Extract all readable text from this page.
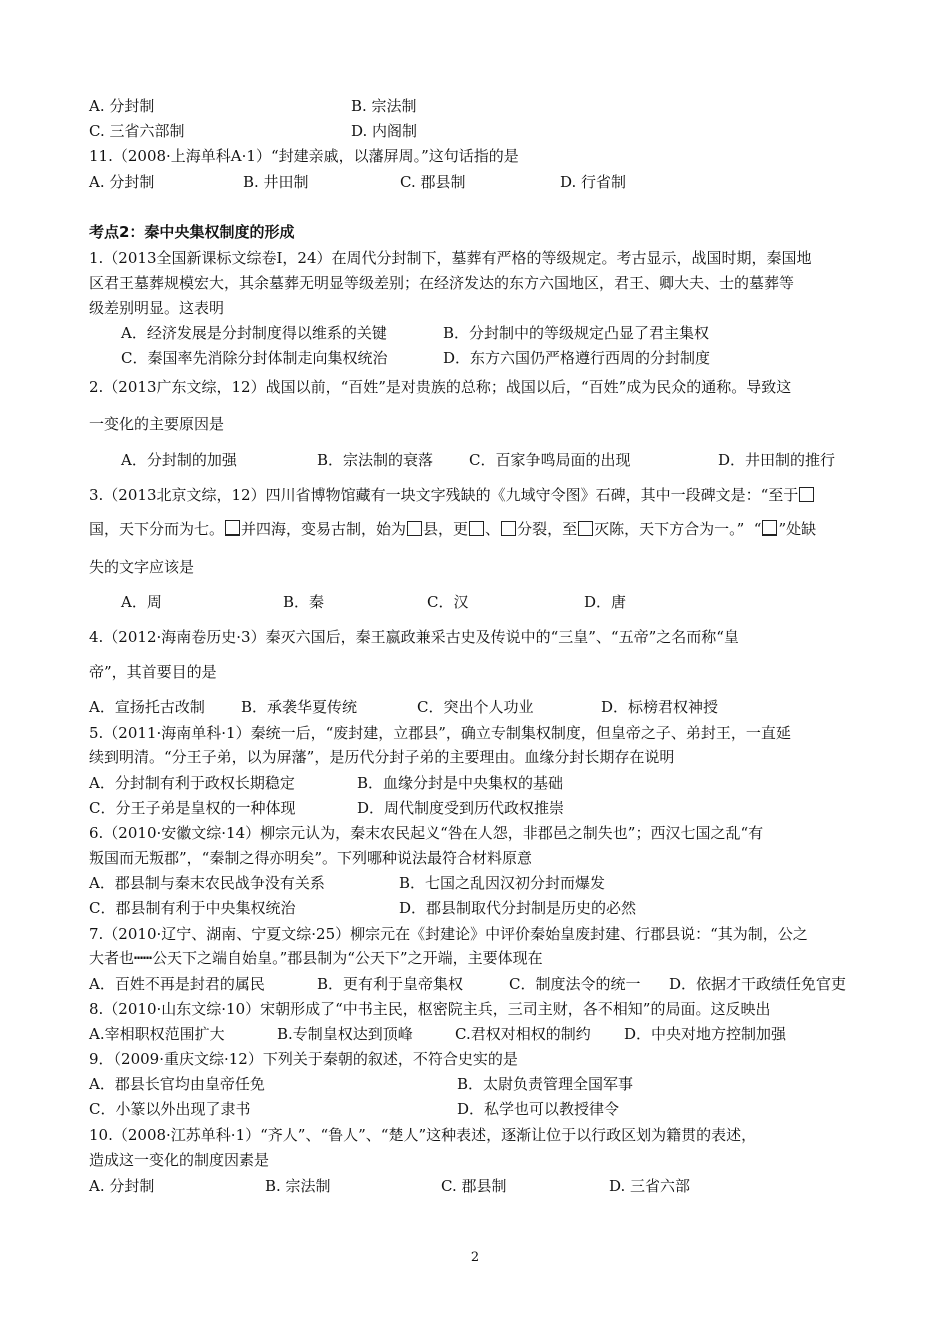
A. 分封制	B. 宗法制
C. 三省六部制	D. 内阁制
11.（2008·上海单科A·1）“封建亲戚，以藩屏周。”这句话指的是
A. 分封制	B. 井田制	C. 郡县制	D. 行省制
考点2：秦中央集权制度的形成
1.（2013全国新课标文综卷Ⅰ，24）在周代分封制下，墓葬有严格的等级规定。考古显示，战国时期，秦国地
区君王墓葬规模宏大，其余墓葬无明显等级差别；在经济发达的东方六国地区，君王、卿大夫、士的墓葬等
级差别明显。这表明
A．经济发展是分封制度得以维系的关键	B．分封制中的等级规定凸显了君主集权
C．秦国率先消除分封体制走向集权统治	D．东方六国仍严格遵行西周的分封制度
2.（2013广东文综，12）战国以前，“百姓”是对贵族的总称；战国以后，“百姓”成为民众的通称。导致这
一变化的主要原因是
A．分封制的加强	B．宗法制的衰落 C．百家争鸣局面的出现	D．井田制的推行
3.（2013北京文综，12）四川省博物馆藏有一块文字残缺的《九域守令图》石碑，其中一段碑文是：“至于
国，天下分而为七。 并四海，变易古制，始为 县，更 、 分裂，至 灭陈，天下方合为一。”  “ ”处缺
失的文字应该是
A．周	B．秦	C．汉	D．唐
4.（2012·海南卷历史·3）秦灭六国后，秦王嬴政兼采古史及传说中的“三皇”、“五帝”之名而称“皇
帝”，其首要目的是
A．宣扬托古改制 B．承袭华夏传统	C．突出个人功业	D．标榜君权神授
5.（2011·海南单科·1）秦统一后，“废封建，立郡县”，确立专制集权制度，但皇帝之子、弟封王，一直延
续到明清。“分王子弟，以为屏藩”，是历代分封子弟的主要理由。血缘分封长期存在说明
A．分封制有利于政权长期稳定	B．血缘分封是中央集权的基础
C．分王子弟是皇权的一种体现	D．周代制度受到历代政权推崇
6.（2010·安徽文综·14）柳宗元认为，秦末农民起义“咎在人怨，非郡邑之制失也”；西汉七国之乱“有
叛国而无叛郡”，“秦制之得亦明矣”。下列哪种说法最符合材料原意
A．郡县制与秦末农民战争没有关系	B．七国之乱因汉初分封而爆发
C．郡县制有利于中央集权统治	D．郡县制取代分封制是历史的必然
7.（2010·辽宁、湖南、宁夏文综·25）柳宗元在《封建论》中评价秦始皇废封建、行郡县说：“其为制，公之
大者也┅┅公天下之端自始皇。”郡县制为“公天下”之开端，主要体现在
A．百姓不再是封君的属民	B．更有利于皇帝集权	C．制度法令的统一 D．依据才干政绩任免官吏
8.（2010·山东文综·10）宋朝形成了“中书主民，枢密院主兵，三司主财，各不相知”的局面。这反映出
A.宰相职权范围扩大	B.专制皇权达到顶峰	C.君权对相权的制约 D．中央对地方控制加强
9．（2009·重庆文综·12）下列关于秦朝的叙述，不符合史实的是
A．郡县长官均由皇帝任免	B．太尉负责管理全国军事
C．小篆以外出现了隶书	D．私学也可以教授律令
10.（2008·江苏单科·1）“齐人”、“鲁人”、“楚人”这种表述，逐渐让位于以行政区划为籍贯的表述，
造成这一变化的制度因素是
A. 分封制	B. 宗法制	C. 郡县制	D. 三省六部
2
